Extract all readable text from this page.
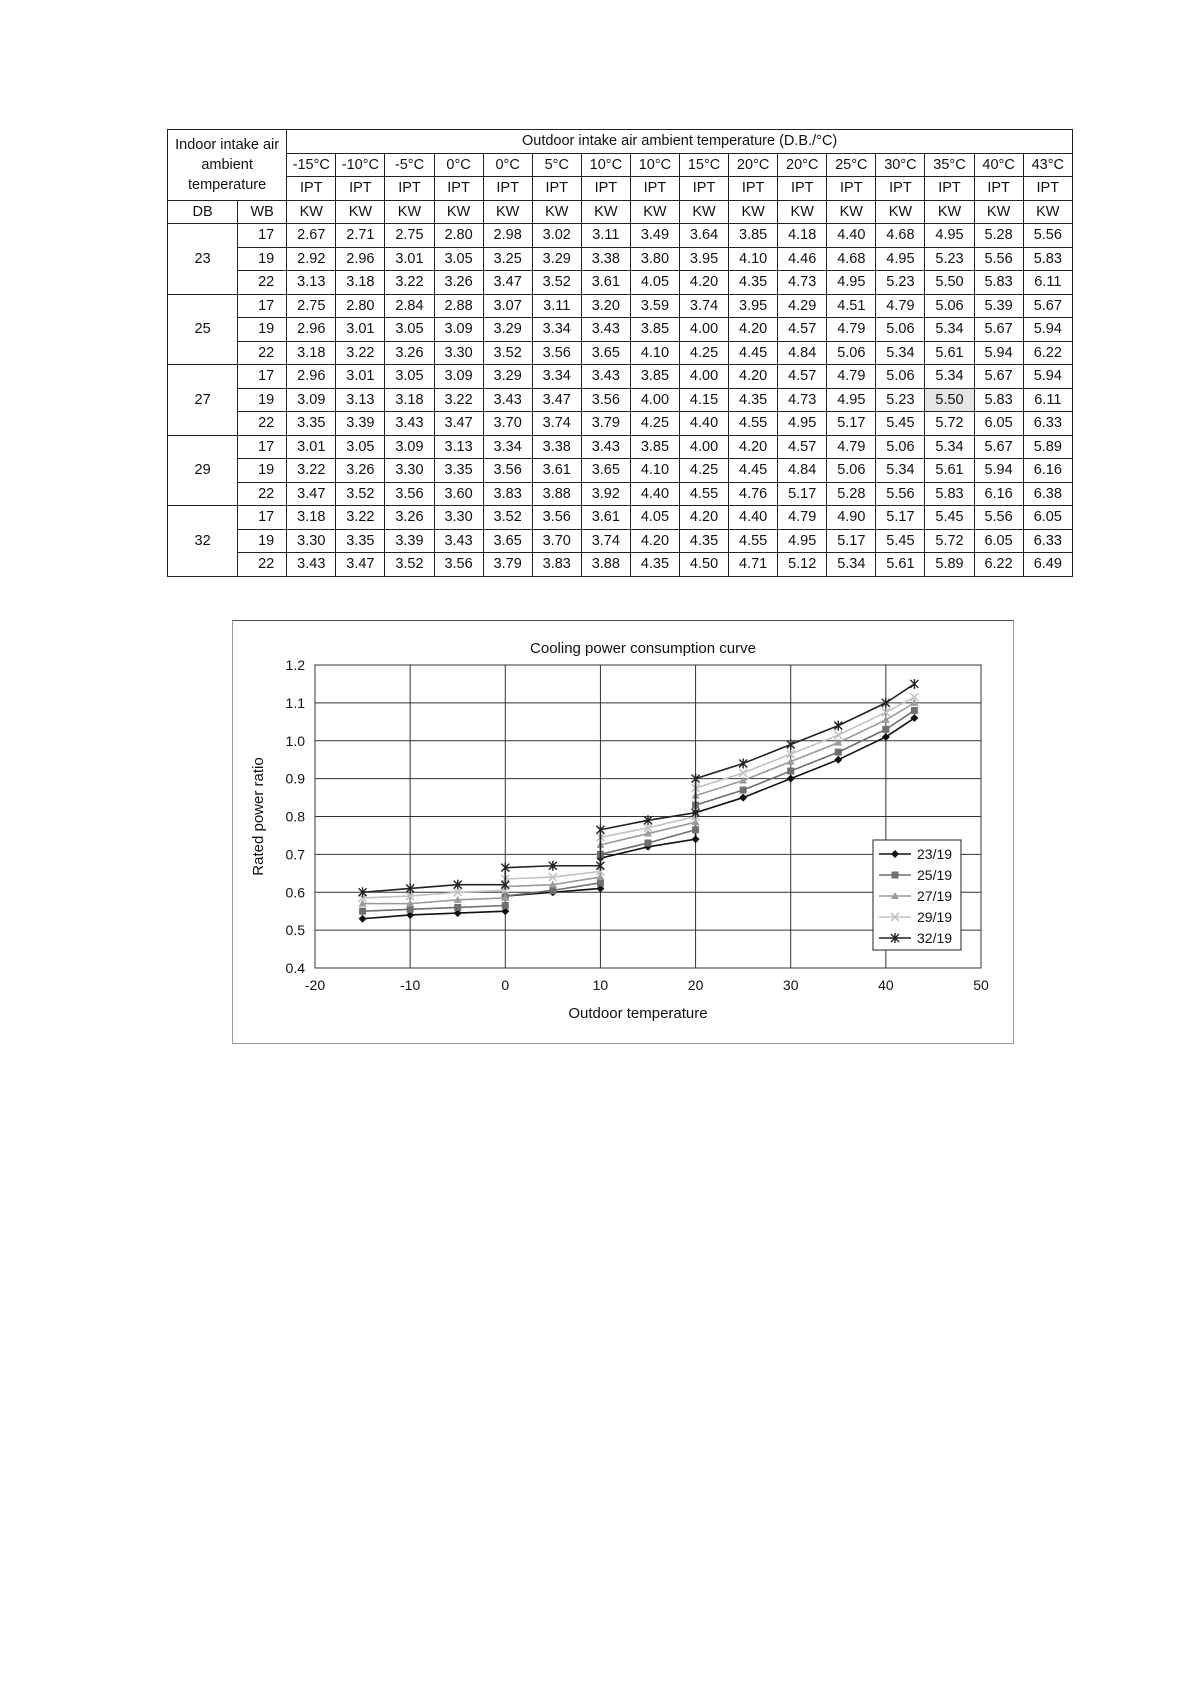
Indoor intake air ambient temperature		Outdoor intake air ambient temperature (D.B./°C)															
		-15°C	-10°C	-5°C	0°C	0°C	5°C	10°C	10°C	15°C	20°C	20°C	25°C	30°C	35°C	40°C	43°C
		IPT	IPT	IPT	IPT	IPT	IPT	IPT	IPT	IPT	IPT	IPT	IPT	IPT	IPT	IPT	IPT
DB	WB	KW	KW	KW	KW	KW	KW	KW	KW	KW	KW	KW	KW	KW	KW	KW	KW
23	17	2.67	2.71	2.75	2.80	2.98	3.02	3.11	3.49	3.64	3.85	4.18	4.40	4.68	4.95	5.28	5.56
	19	2.92	2.96	3.01	3.05	3.25	3.29	3.38	3.80	3.95	4.10	4.46	4.68	4.95	5.23	5.56	5.83
	22	3.13	3.18	3.22	3.26	3.47	3.52	3.61	4.05	4.20	4.35	4.73	4.95	5.23	5.50	5.83	6.11
25	17	2.75	2.80	2.84	2.88	3.07	3.11	3.20	3.59	3.74	3.95	4.29	4.51	4.79	5.06	5.39	5.67
	19	2.96	3.01	3.05	3.09	3.29	3.34	3.43	3.85	4.00	4.20	4.57	4.79	5.06	5.34	5.67	5.94
	22	3.18	3.22	3.26	3.30	3.52	3.56	3.65	4.10	4.25	4.45	4.84	5.06	5.34	5.61	5.94	6.22
27	17	2.96	3.01	3.05	3.09	3.29	3.34	3.43	3.85	4.00	4.20	4.57	4.79	5.06	5.34	5.67	5.94
	19	3.09	3.13	3.18	3.22	3.43	3.47	3.56	4.00	4.15	4.35	4.73	4.95	5.23	5.50	5.83	6.11
	22	3.35	3.39	3.43	3.47	3.70	3.74	3.79	4.25	4.40	4.55	4.95	5.17	5.45	5.72	6.05	6.33
29	17	3.01	3.05	3.09	3.13	3.34	3.38	3.43	3.85	4.00	4.20	4.57	4.79	5.06	5.34	5.67	5.89
	19	3.22	3.26	3.30	3.35	3.56	3.61	3.65	4.10	4.25	4.45	4.84	5.06	5.34	5.61	5.94	6.16
	22	3.47	3.52	3.56	3.60	3.83	3.88	3.92	4.40	4.55	4.76	5.17	5.28	5.56	5.83	6.16	6.38
32	17	3.18	3.22	3.26	3.30	3.52	3.56	3.61	4.05	4.20	4.40	4.79	4.90	5.17	5.45	5.56	6.05
	19	3.30	3.35	3.39	3.43	3.65	3.70	3.74	4.20	4.35	4.55	4.95	5.17	5.45	5.72	6.05	6.33
	22	3.43	3.47	3.52	3.56	3.79	3.83	3.88	4.35	4.50	4.71	5.12	5.34	5.61	5.89	6.22	6.49
-20	-10	0	10	20	30	40	50
0.4
0.5
0.6
0.7
0.8
0.9
1.0
1.1
1.2
Cooling power consumption curve
Outdoor temperature
Rated power ratio	23/19
25/19
27/19
29/19
32/19
